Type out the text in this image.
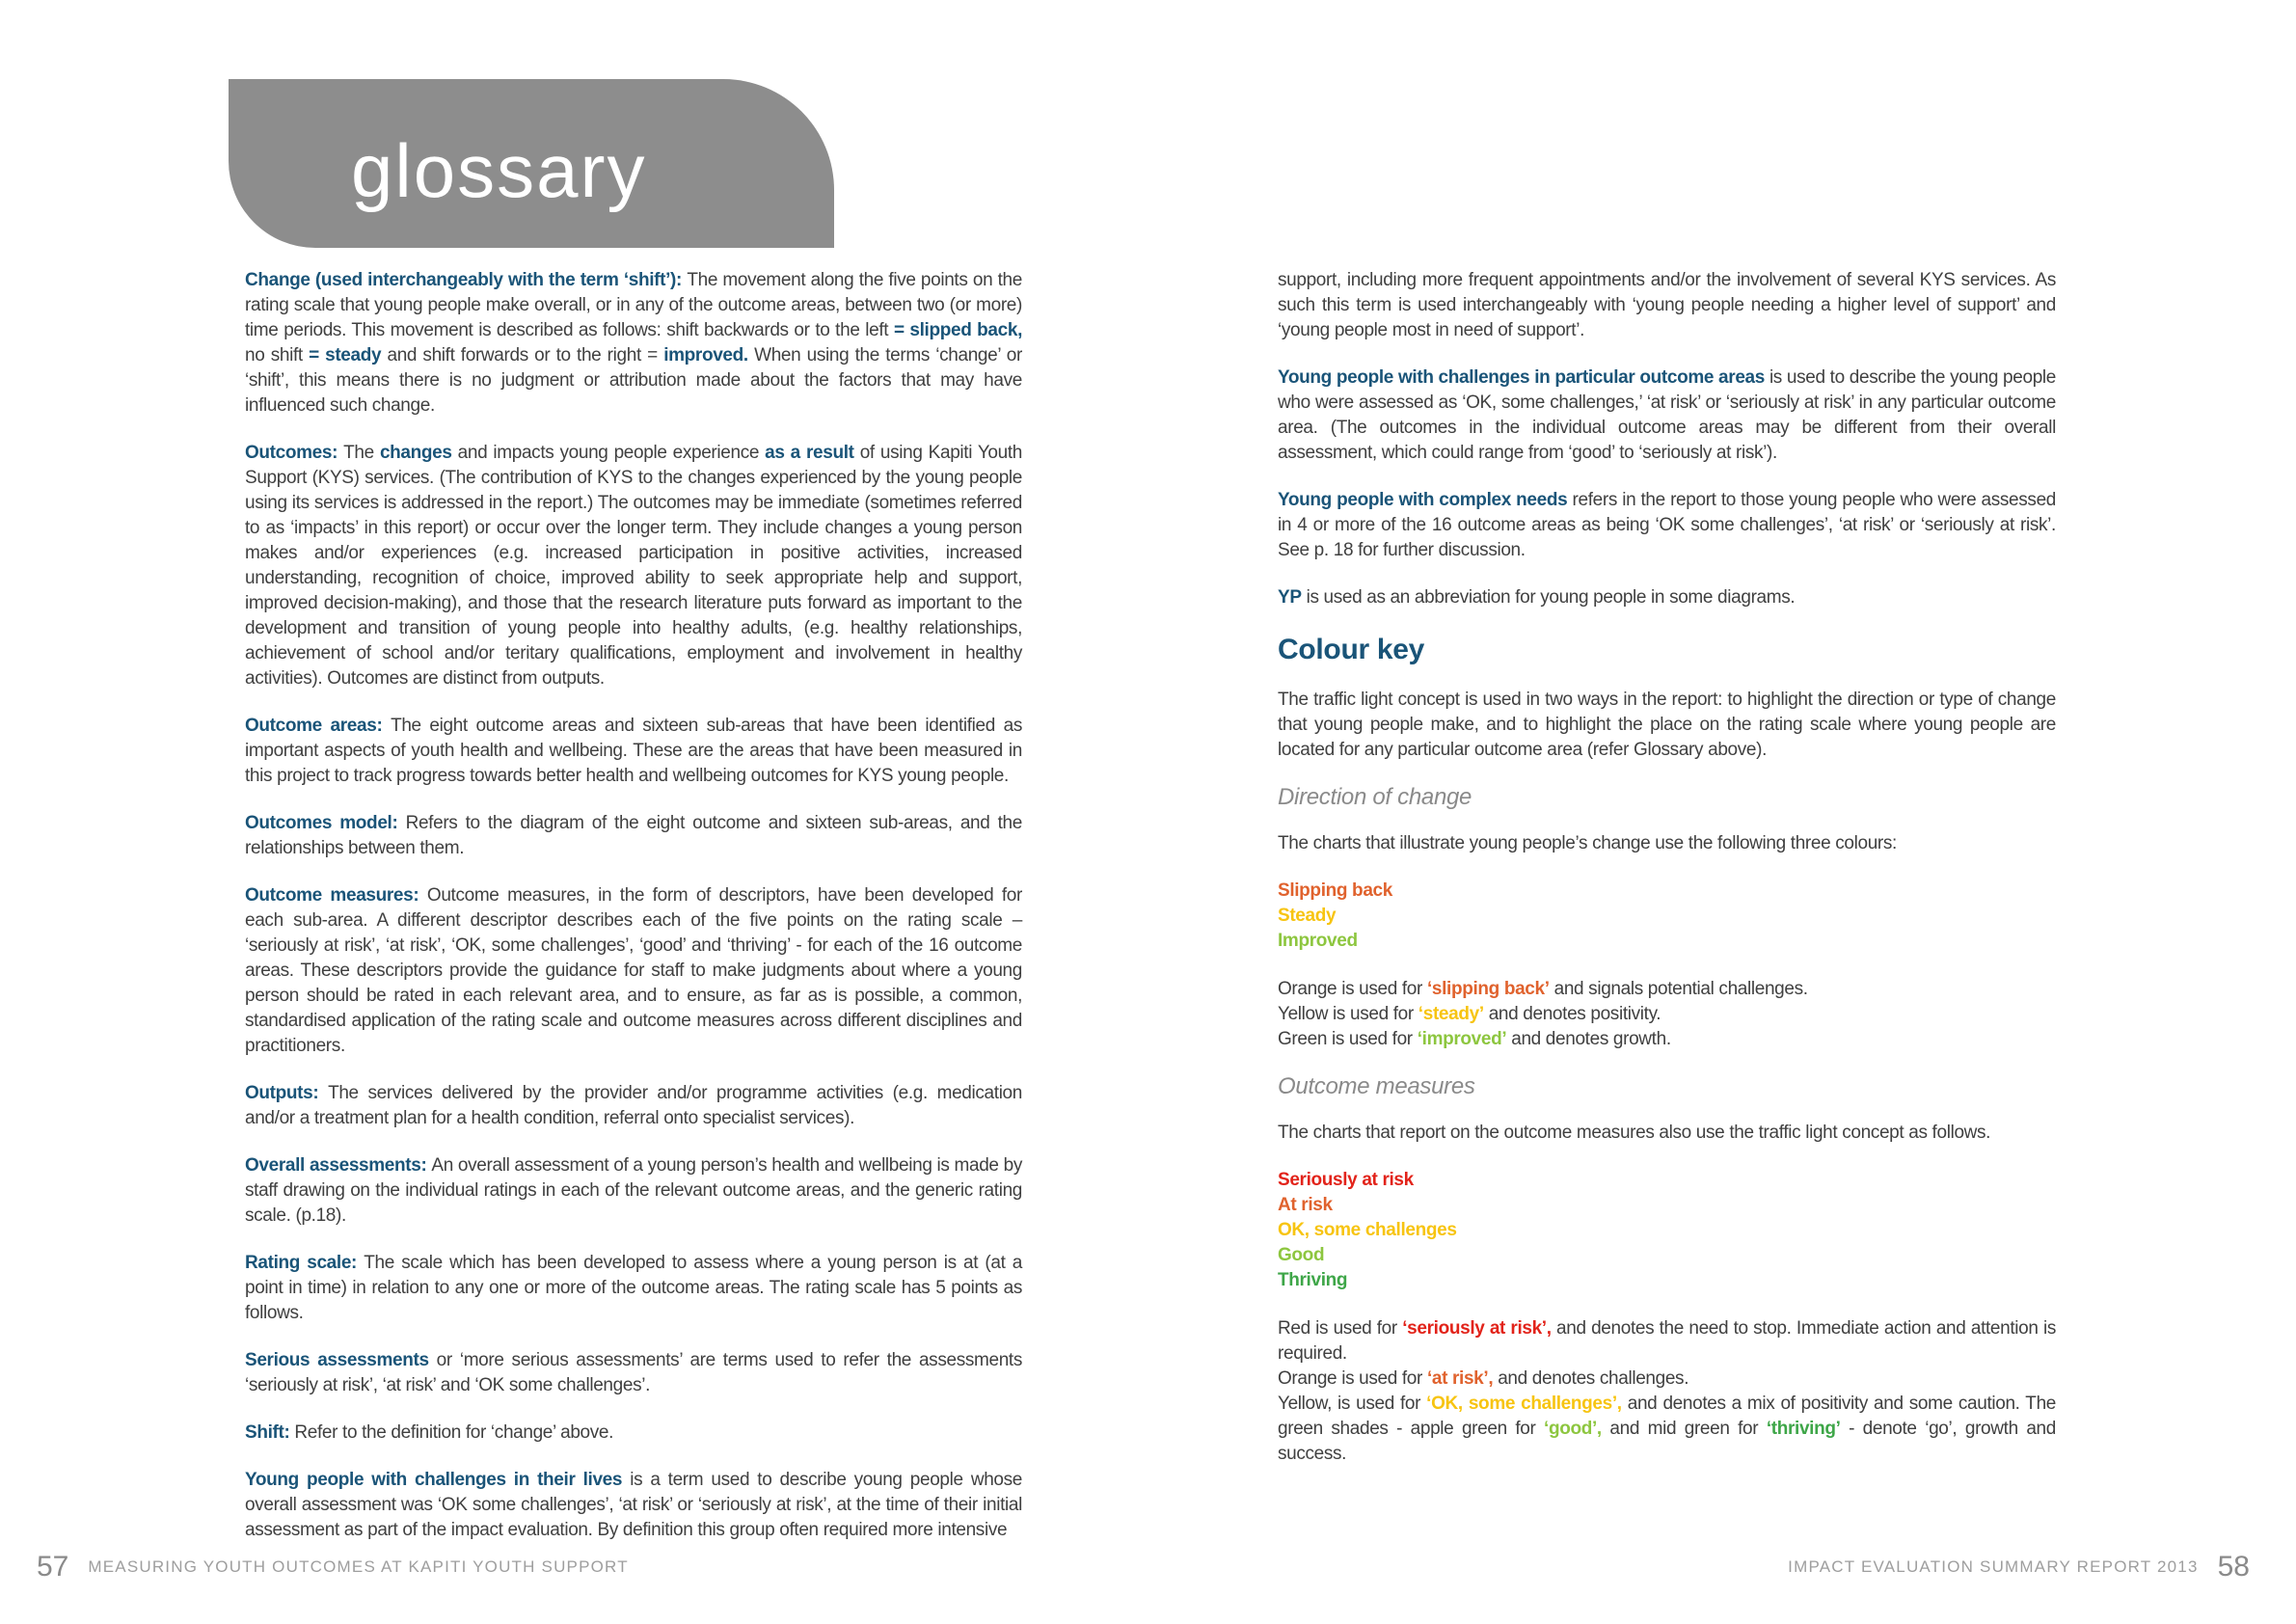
glossary

Change (used interchangeably with the term ‘shift’): The movement along the five points on the rating scale that young people make overall, or in any of the outcome areas, between two (or more) time periods. This movement is described as follows: shift backwards or to the left = slipped back, no shift = steady and shift forwards or to the right = improved. When using the terms ‘change’ or ‘shift’, this means there is no judgment or attribution made about the factors that may have influenced such change.

Outcomes: The changes and impacts young people experience as a result of using Kapiti Youth Support (KYS) services. (The contribution of KYS to the changes experienced by the young people using its services is addressed in the report.) The outcomes may be immediate (sometimes referred to as ‘impacts’ in this report) or occur over the longer term. They include changes a young person makes and/or experiences (e.g. increased participation in positive activities, increased understanding, recognition of choice, improved ability to seek appropriate help and support, improved decision-making), and those that the research literature puts forward as important to the development and transition of young people into healthy adults, (e.g. healthy relationships, achievement of school and/or teritary qualifications, employment and involvement in healthy activities). Outcomes are distinct from outputs.

Outcome areas: The eight outcome areas and sixteen sub-areas that have been identified as important aspects of youth health and wellbeing. These are the areas that have been measured in this project to track progress towards better health and wellbeing outcomes for KYS young people.

Outcomes model: Refers to the diagram of the eight outcome and sixteen sub-areas, and the relationships between them.

Outcome measures: Outcome measures, in the form of descriptors, have been developed for each sub-area. A different descriptor describes each of the five points on the rating scale – ‘seriously at risk’, ‘at risk’, ‘OK, some challenges’, ‘good’ and ‘thriving’ - for each of the 16 outcome areas. These descriptors provide the guidance for staff to make judgments about where a young person should be rated in each relevant area, and to ensure, as far as is possible, a common, standardised application of the rating scale and outcome measures across different disciplines and practitioners.

Outputs: The services delivered by the provider and/or programme activities (e.g. medication and/or a treatment plan for a health condition, referral onto specialist services).

Overall assessments: An overall assessment of a young person’s health and wellbeing is made by staff drawing on the individual ratings in each of the relevant outcome areas, and the generic rating scale. (p.18).

Rating scale: The scale which has been developed to assess where a young person is at (at a point in time) in relation to any one or more of the outcome areas. The rating scale has 5 points as follows.

Serious assessments or ‘more serious assessments’ are terms used to refer the assessments ‘seriously at risk’, ‘at risk’ and ‘OK some challenges’.

Shift: Refer to the definition for ‘change’ above.

Young people with challenges in their lives is a term used to describe young people whose overall assessment was ‘OK some challenges’, ‘at risk’ or ‘seriously at risk’, at the time of their initial assessment as part of the impact evaluation. By definition this group often required more intensive

support, including more frequent appointments and/or the involvement of several KYS services. As such this term is used interchangeably with ‘young people needing a higher level of support’ and ‘young people most in need of support’.

Young people with challenges in particular outcome areas is used to describe the young people who were assessed as ‘OK, some challenges,’ ‘at risk’ or ‘seriously at risk’ in any particular outcome area. (The outcomes in the individual outcome areas may be different from their overall assessment, which could range from ‘good’ to ‘seriously at risk’).

Young people with complex needs refers in the report to those young people who were assessed in 4 or more of the 16 outcome areas as being ‘OK some challenges’, ‘at risk’ or ‘seriously at risk’. See p. 18 for further discussion.

YP is used as an abbreviation for young people in some diagrams.

Colour key

The traffic light concept is used in two ways in the report: to highlight the direction or type of change that young people make, and to highlight the place on the rating scale where young people are located for any particular outcome area (refer Glossary above).

Direction of change

The charts that illustrate young people’s change use the following three colours:

Slipping back

Steady

Improved

Orange is used for ‘slipping back’ and signals potential challenges.

Yellow is used for ‘steady’ and denotes positivity.

Green is used for ‘improved’ and denotes growth.

Outcome measures

The charts that report on the outcome measures also use the traffic light concept as follows.

Seriously at risk

At risk

OK, some challenges

Good

Thriving

Red is used for ‘seriously at risk’, and denotes the need to stop. Immediate action and attention is required.

Orange is used for ‘at risk’, and denotes challenges.

Yellow, is used for ‘OK, some challenges’, and denotes a mix of positivity and some caution. The green shades - apple green for ‘good’, and mid green for ‘thriving’ - denote ‘go’, growth and success.

57 MEASURING YOUTH OUTCOMES AT KAPITI YOUTH SUPPORT	IMPACT EVALUATION SUMMARY REPORT 2013 58
